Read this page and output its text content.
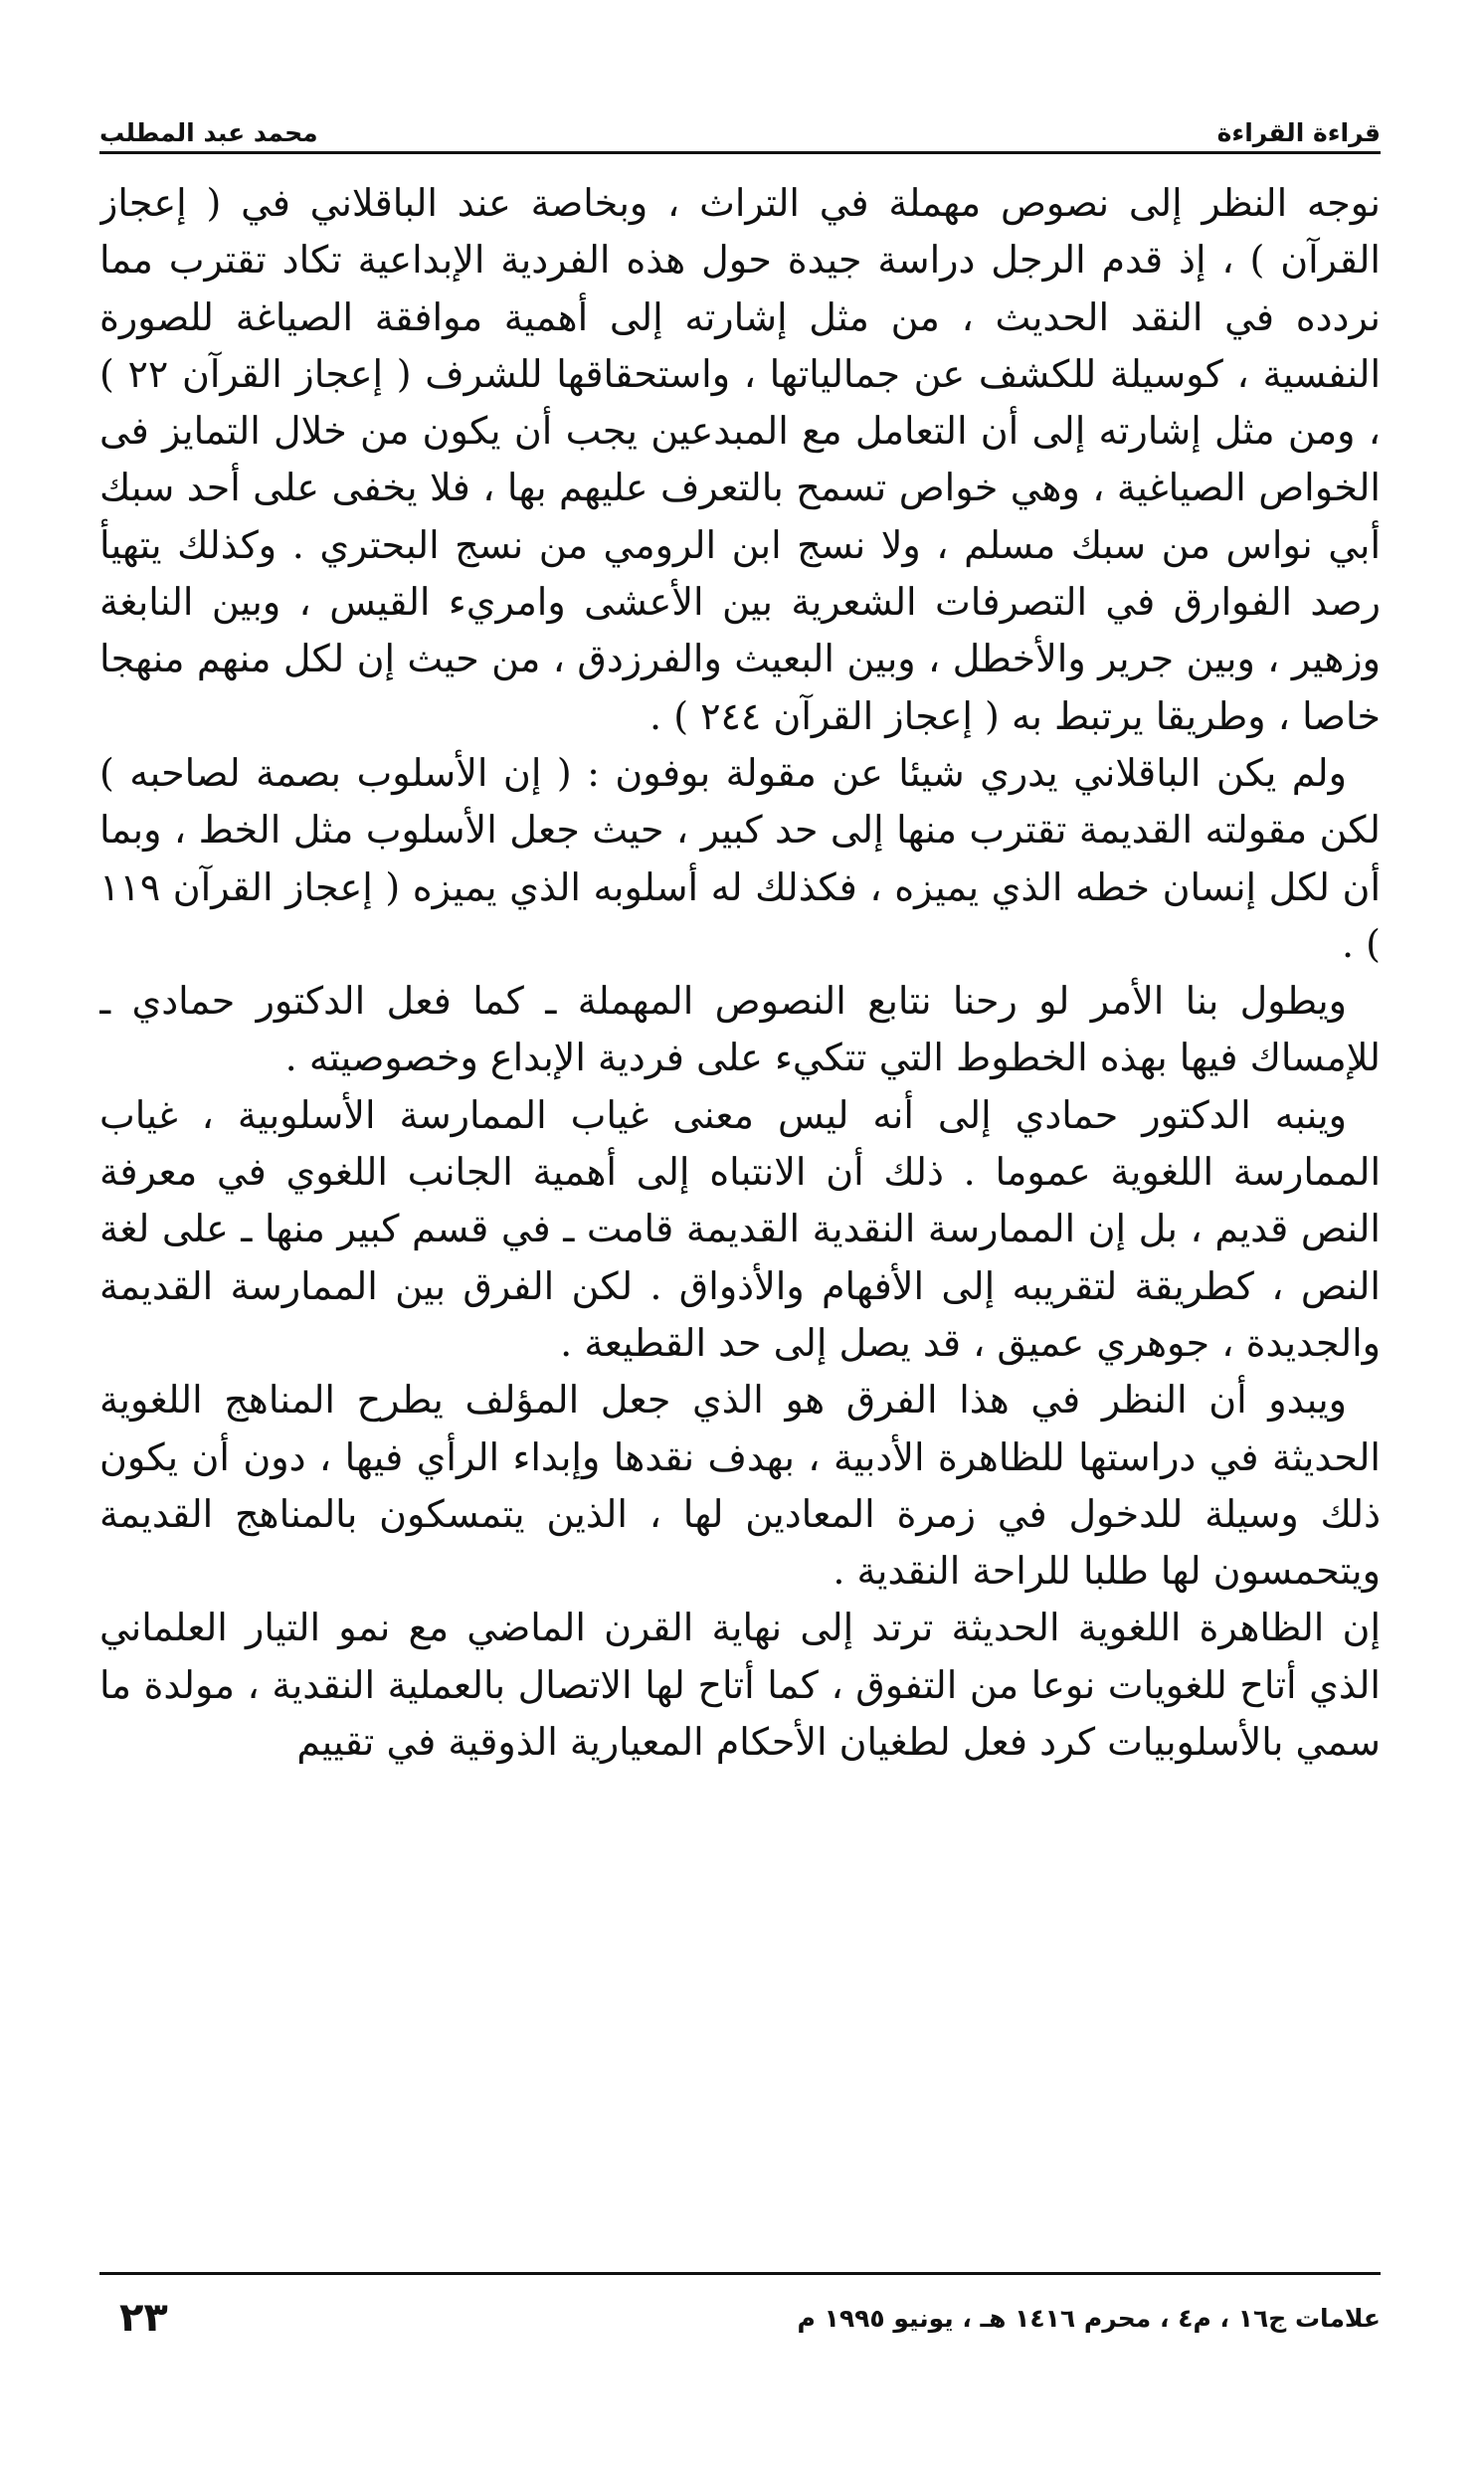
قراءة القراءة
محمد عبد المطلب

نوجه النظر إلى نصوص مهملة في التراث ، وبخاصة عند الباقلاني في ( إعجاز القرآن ) ، إذ قدم الرجل دراسة جيدة حول هذه الفردية الإبداعية تكاد تقترب مما نردده في النقد الحديث ، من مثل إشارته إلى أهمية موافقة الصياغة للصورة النفسية ، كوسيلة للكشف عن جمالياتها ، واستحقاقها للشرف ( إعجاز القرآن ٢٢ ) ، ومن مثل إشارته إلى أن التعامل مع المبدعين يجب أن يكون من خلال التمايز فى الخواص الصياغية ، وهي خواص تسمح بالتعرف عليهم بها ، فلا يخفى على أحد سبك أبي نواس من سبك مسلم ، ولا نسج ابن الرومي من نسج البحتري . وكذلك يتهيأ رصد الفوارق في التصرفات الشعرية بين الأعشى وامريء القيس ، وبين النابغة وزهير ، وبين جرير والأخطل ، وبين البعيث والفرزدق ، من حيث إن لكل منهم منهجا خاصا ، وطريقا يرتبط به ( إعجاز القرآن ٢٤٤ ) .

ولم يكن الباقلاني يدري شيئا عن مقولة بوفون : ( إن الأسلوب بصمة لصاحبه ) لكن مقولته القديمة تقترب منها إلى حد كبير ، حيث جعل الأسلوب مثل الخط ، وبما أن لكل إنسان خطه الذي يميزه ، فكذلك له أسلوبه الذي يميزه ( إعجاز القرآن ١١٩ ) .

ويطول بنا الأمر لو رحنا نتابع النصوص المهملة ـ كما فعل الدكتور حمادي ـ للإمساك فيها بهذه الخطوط التي تتكيء على فردية الإبداع وخصوصيته .

وينبه الدكتور حمادي إلى أنه ليس معنى غياب الممارسة الأسلوبية ، غياب الممارسة اللغوية عموما . ذلك أن الانتباه إلى أهمية الجانب اللغوي في معرفة النص قديم ، بل إن الممارسة النقدية القديمة قامت ـ في قسم كبير منها ـ على لغة النص ، كطريقة لتقريبه إلى الأفهام والأذواق . لكن الفرق بين الممارسة القديمة والجديدة ، جوهري عميق ، قد يصل إلى حد القطيعة .

ويبدو أن النظر في هذا الفرق هو الذي جعل المؤلف يطرح المناهج اللغوية الحديثة في دراستها للظاهرة الأدبية ، بهدف نقدها وإبداء الرأي فيها ، دون أن يكون ذلك وسيلة للدخول في زمرة المعادين لها ، الذين يتمسكون بالمناهج القديمة ويتحمسون لها طلبا للراحة النقدية .

إن الظاهرة اللغوية الحديثة ترتد إلى نهاية القرن الماضي مع نمو التيار العلماني الذي أتاح للغويات نوعا من التفوق ، كما أتاح لها الاتصال بالعملية النقدية ، مولدة ما سمي بالأسلوبيات كرد فعل لطغيان الأحكام المعيارية الذوقية في تقييم

علامات ج١٦ ، م٤ ، محرم ١٤١٦ هـ ، يونيو ١٩٩٥ م
٢٣
